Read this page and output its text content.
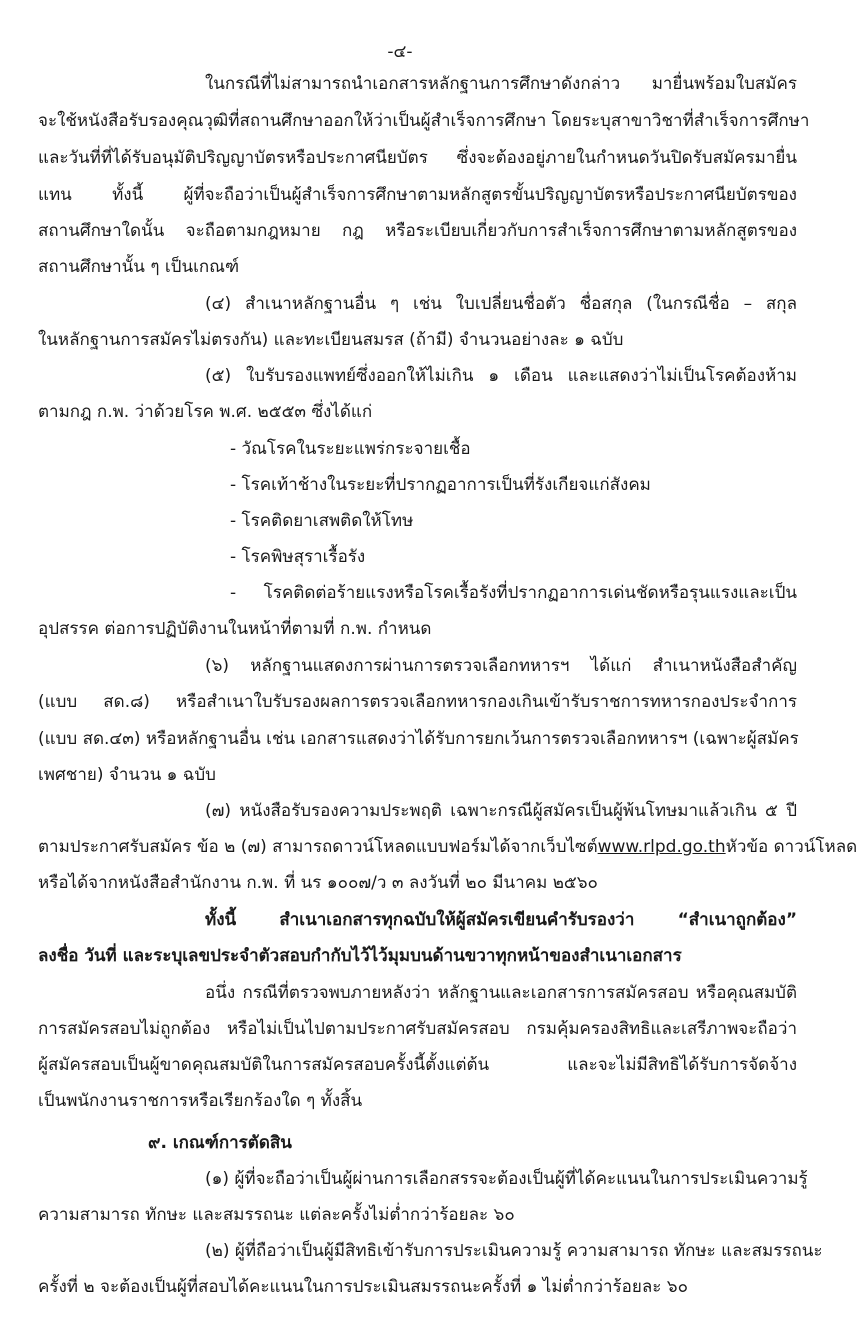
-๔-
ในกรณีที่ไม่สามารถนำเอกสารหลักฐานการศึกษาดังกล่าว มายื่นพร้อมใบสมัคร
จะใช้หนังสือรับรองคุณวุฒิที่สถานศึกษาออกให้ว่าเป็นผู้สำเร็จการศึกษา โดยระบุสาขาวิชาที่สำเร็จการศึกษา
และวันที่ที่ได้รับอนุมัติปริญญาบัตรหรือประกาศนียบัตร ซึ่งจะต้องอยู่ภายในกำหนดวันปิดรับสมัครมายื่น
แทน ทั้งนี้ ผู้ที่จะถือว่าเป็นผู้สำเร็จการศึกษาตามหลักสูตรขั้นปริญญาบัตรหรือประกาศนียบัตรของ
สถานศึกษาใดนั้น จะถือตามกฎหมาย กฎ หรือระเบียบเกี่ยวกับการสำเร็จการศึกษาตามหลักสูตรของ
สถานศึกษานั้น ๆ เป็นเกณฑ์
(๔) สำเนาหลักฐานอื่น ๆ เช่น ใบเปลี่ยนชื่อตัว ชื่อสกุล (ในกรณีชื่อ – สกุล
ในหลักฐานการสมัครไม่ตรงกัน) และทะเบียนสมรส (ถ้ามี) จำนวนอย่างละ ๑ ฉบับ
(๕) ใบรับรองแพทย์ซึ่งออกให้ไม่เกิน ๑ เดือน และแสดงว่าไม่เป็นโรคต้องห้าม
ตามกฎ ก.พ. ว่าด้วยโรค พ.ศ. ๒๕๕๓ ซึ่งได้แก่
- วัณโรคในระยะแพร่กระจายเชื้อ
- โรคเท้าช้างในระยะที่ปรากฏอาการเป็นที่รังเกียจแก่สังคม
- โรคติดยาเสพติดให้โทษ
- โรคพิษสุราเรื้อรัง
- โรคติดต่อร้ายแรงหรือโรคเรื้อรังที่ปรากฏอาการเด่นชัดหรือรุนแรงและเป็น
อุปสรรค ต่อการปฏิบัติงานในหน้าที่ตามที่ ก.พ. กำหนด
(๖) หลักฐานแสดงการผ่านการตรวจเลือกทหารฯ ได้แก่ สำเนาหนังสือสำคัญ
(แบบ สด.๘) หรือสำเนาใบรับรองผลการตรวจเลือกทหารกองเกินเข้ารับราชการทหารกองประจำการ
(แบบ สด.๔๓) หรือหลักฐานอื่น เช่น เอกสารแสดงว่าได้รับการยกเว้นการตรวจเลือกทหารฯ (เฉพาะผู้สมัคร
เพศชาย) จำนวน ๑ ฉบับ
(๗) หนังสือรับรองความประพฤติ เฉพาะกรณีผู้สมัครเป็นผู้พ้นโทษมาแล้วเกิน ๕ ปี
ตามประกาศรับสมัคร ข้อ ๒ (๗) สามารถดาวน์โหลดแบบฟอร์มได้จากเว็บไซต์ www.rlpd.go.th หัวข้อ ดาวน์โหลด
หรือได้จากหนังสือสำนักงาน ก.พ. ที่ นร ๑๐๐๗/ว ๓ ลงวันที่ ๒๐ มีนาคม ๒๕๖๐
ทั้งนี้ สำเนาเอกสารทุกฉบับให้ผู้สมัครเขียนคำรับรองว่า “สำเนาถูกต้อง”
ลงชื่อ วันที่ และระบุเลขประจำตัวสอบกำกับไว้ไว้มุมบนด้านขวาทุกหน้าของสำเนาเอกสาร
อนึ่ง กรณีที่ตรวจพบภายหลังว่า หลักฐานและเอกสารการสมัครสอบ หรือคุณสมบัติ
การสมัครสอบไม่ถูกต้อง หรือไม่เป็นไปตามประกาศรับสมัครสอบ กรมคุ้มครองสิทธิและเสรีภาพจะถือว่า
ผู้สมัครสอบเป็นผู้ขาดคุณสมบัติในการสมัครสอบครั้งนี้ตั้งแต่ต้น และจะไม่มีสิทธิได้รับการจัดจ้าง
เป็นพนักงานราชการหรือเรียกร้องใด ๆ ทั้งสิ้น
๙. เกณฑ์การตัดสิน
(๑) ผู้ที่จะถือว่าเป็นผู้ผ่านการเลือกสรรจะต้องเป็นผู้ที่ได้คะแนนในการประเมินความรู้
ความสามารถ ทักษะ และสมรรถนะ แต่ละครั้งไม่ต่ำกว่าร้อยละ ๖๐
(๒) ผู้ที่ถือว่าเป็นผู้มีสิทธิเข้ารับการประเมินความรู้ ความสามารถ ทักษะ และสมรรถนะ
ครั้งที่ ๒ จะต้องเป็นผู้ที่สอบได้คะแนนในการประเมินสมรรถนะครั้งที่ ๑ ไม่ต่ำกว่าร้อยละ ๖๐
